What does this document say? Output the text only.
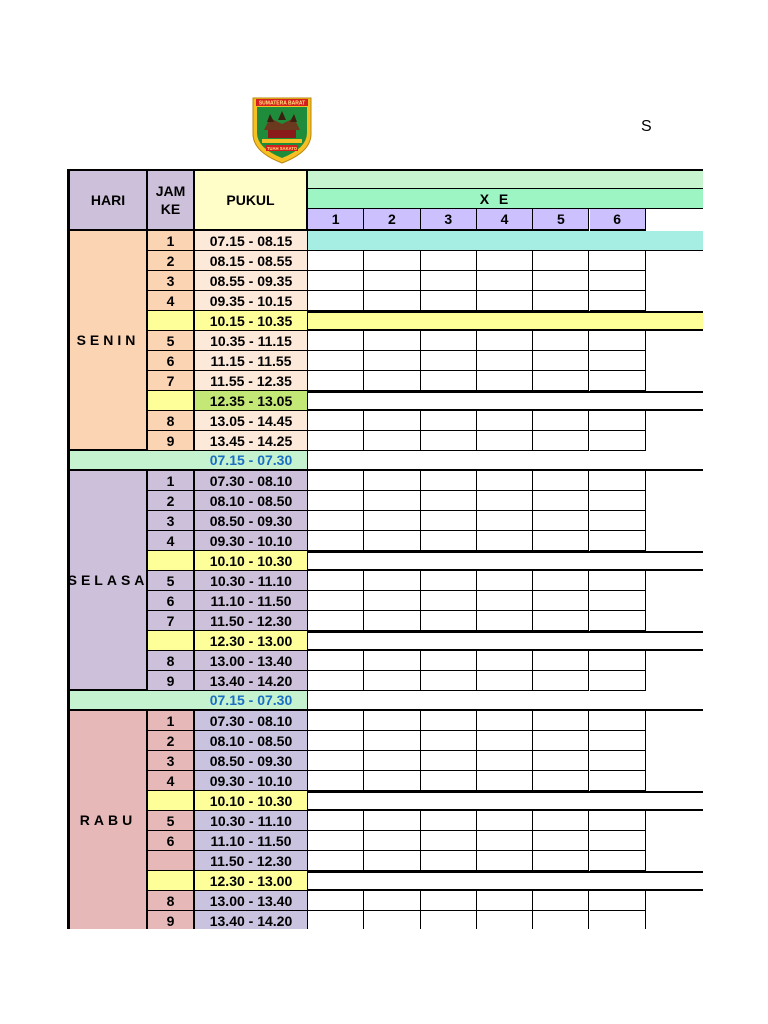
SUMATERA BARAT
TUAH SAKATO
S
HARI
JAM KE
PUKUL	X E
1	2	3	4	5	6
SENIN
1	07.15 - 08.15
2	08.15 - 08.55
3	08.55 - 09.35
4	09.35 - 10.15
10.15 - 10.35
5	10.35 - 11.15
6	11.15 - 11.55
7	11.55 - 12.35
12.35 - 13.05
8	13.05 - 14.45
9	13.45 - 14.25
07.15 - 07.30
SELASA
1	07.30 - 08.10
2	08.10 - 08.50
3	08.50 - 09.30
4	09.30 - 10.10
10.10 - 10.30
5	10.30 - 11.10
6	11.10 - 11.50
7	11.50 - 12.30
12.30 - 13.00
8	13.00 - 13.40
9	13.40 - 14.20
07.15 - 07.30
RABU
1	07.30 - 08.10
2	08.10 - 08.50
3	08.50 - 09.30
4	09.30 - 10.10
10.10 - 10.30
5	10.30 - 11.10
6	11.10 - 11.50
11.50 - 12.30
12.30 - 13.00
8	13.00 - 13.40
9	13.40 - 14.20
